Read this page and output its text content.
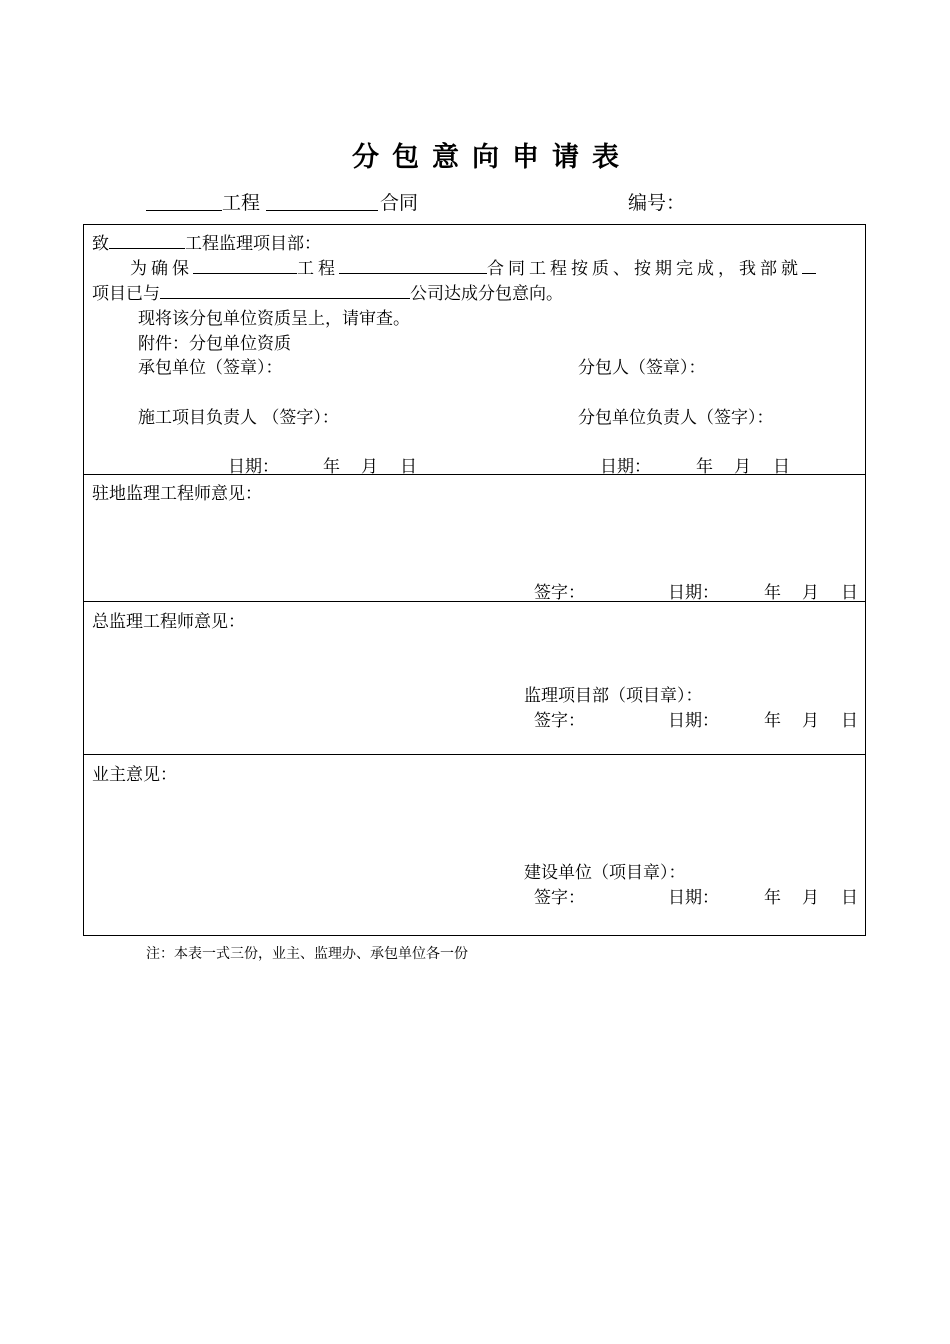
分包意向申请表
工程	合同	编号：
致	工程监理项目部：
为确保	工程	合同工程按质、按期完成，我部就
项目已与	公司达成分包意向。
现将该分包单位资质呈上，请审查。
附件：分包单位资质
承包单位（签章）：	分包人（签章）：
施工项目负责人 （签字）：	分包单位负责人（签字）：
日期：	年 月 日	日期：	年 月 日
驻地监理工程师意见：
签字：	日期：	年 月 日
总监理工程师意见：
监理项目部（项目章）：
签字：	日期：	年 月 日
业主意见：
建设单位（项目章）：
签字：	日期：	年 月 日
注：本表一式三份，业主、监理办、承包单位各一份
